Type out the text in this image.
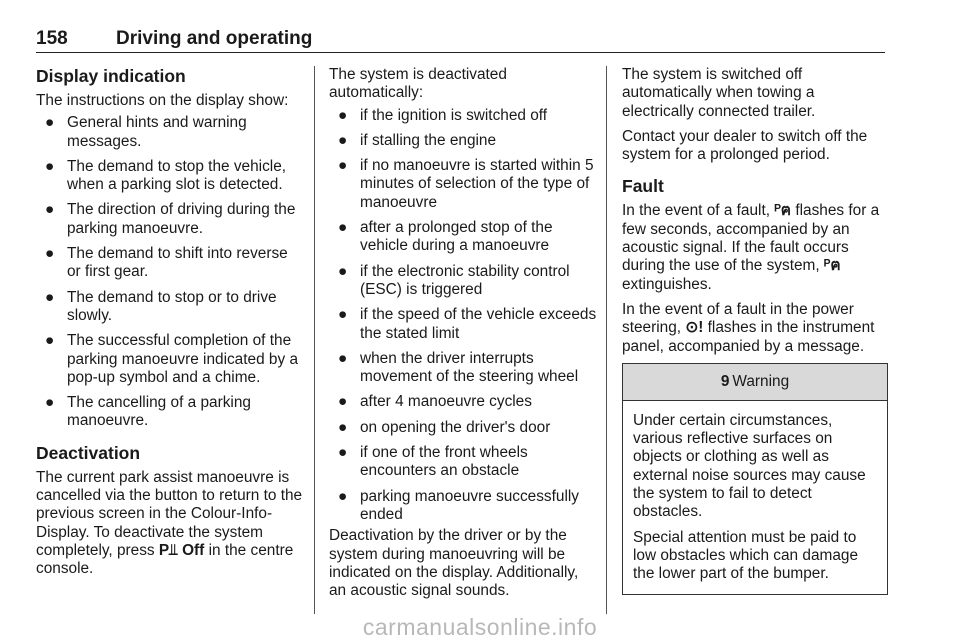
158	Driving and operating
Display indication

The instructions on the display show:

● General hints and warning messages.
● The demand to stop the vehicle, when a parking slot is detected.
● The direction of driving during the parking manoeuvre.
● The demand to shift into reverse or first gear.
● The demand to stop or to drive slowly.
● The successful completion of the parking manoeuvre indicated by a pop-up symbol and a chime.
● The cancelling of a parking manoeuvre.
Deactivation

The current park assist manoeuvre is cancelled via the button to return to the previous screen in the Colour-Info-Display. To deactivate the system completely, press P⫫ Off in the centre console.

The system is deactivated automatically:

● if the ignition is switched off
● if stalling the engine
● if no manoeuvre is started within 5 minutes of selection of the type of manoeuvre
● after a prolonged stop of the vehicle during a manoeuvre
● if the electronic stability control (ESC) is triggered
● if the speed of the vehicle exceeds the stated limit
● when the driver interrupts movement of the steering wheel
● after 4 manoeuvre cycles
● on opening the driver's door
● if one of the front wheels encounters an obstacle
● parking manoeuvre successfully ended

Deactivation by the driver or by the system during manoeuvring will be indicated on the display. Additionally, an acoustic signal sounds.

The system is switched off automatically when towing a electrically connected trailer.

Contact your dealer to switch off the system for a prolonged period.

Fault

In the event of a fault, ᴾฅ flashes for a few seconds, accompanied by an acoustic signal. If the fault occurs during the use of the system, ᴾฅ extinguishes.

In the event of a fault in the power steering, ⊙! flashes in the instrument panel, accompanied by a message.

9 Warning

Under certain circumstances, various reflective surfaces on objects or clothing as well as external noise sources may cause the system to fail to detect obstacles.

Special attention must be paid to low obstacles which can damage the lower part of the bumper.

carmanualsonline.info
